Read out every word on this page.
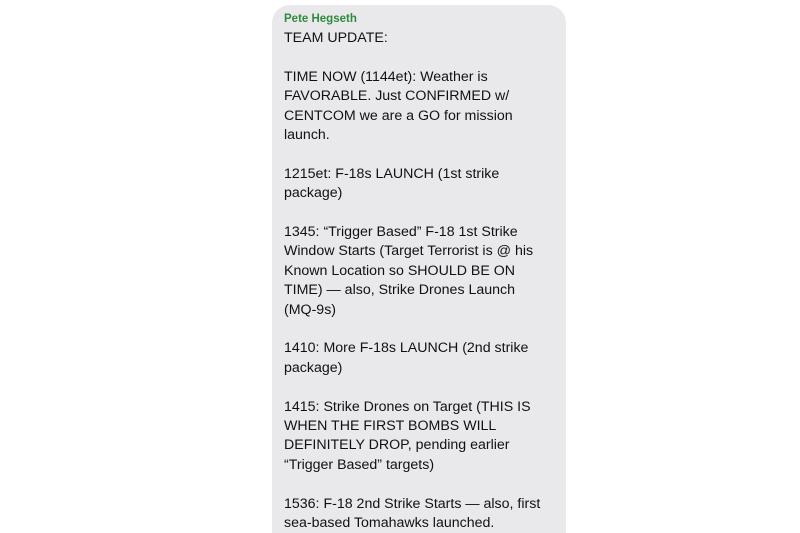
Pete Hegseth
TEAM UPDATE:
TIME NOW (1144et): Weather is
FAVORABLE. Just CONFIRMED w/
CENTCOM we are a GO for mission
launch.
1215et: F-18s LAUNCH (1st strike
package)
1345: “Trigger Based” F-18 1st Strike
Window Starts (Target Terrorist is @ his
Known Location so SHOULD BE ON
TIME) — also, Strike Drones Launch
(MQ-9s)
1410: More F-18s LAUNCH (2nd strike
package)
1415: Strike Drones on Target (THIS IS
WHEN THE FIRST BOMBS WILL
DEFINITELY DROP, pending earlier
“Trigger Based” targets)
1536: F-18 2nd Strike Starts — also, first
sea-based Tomahawks launched.
